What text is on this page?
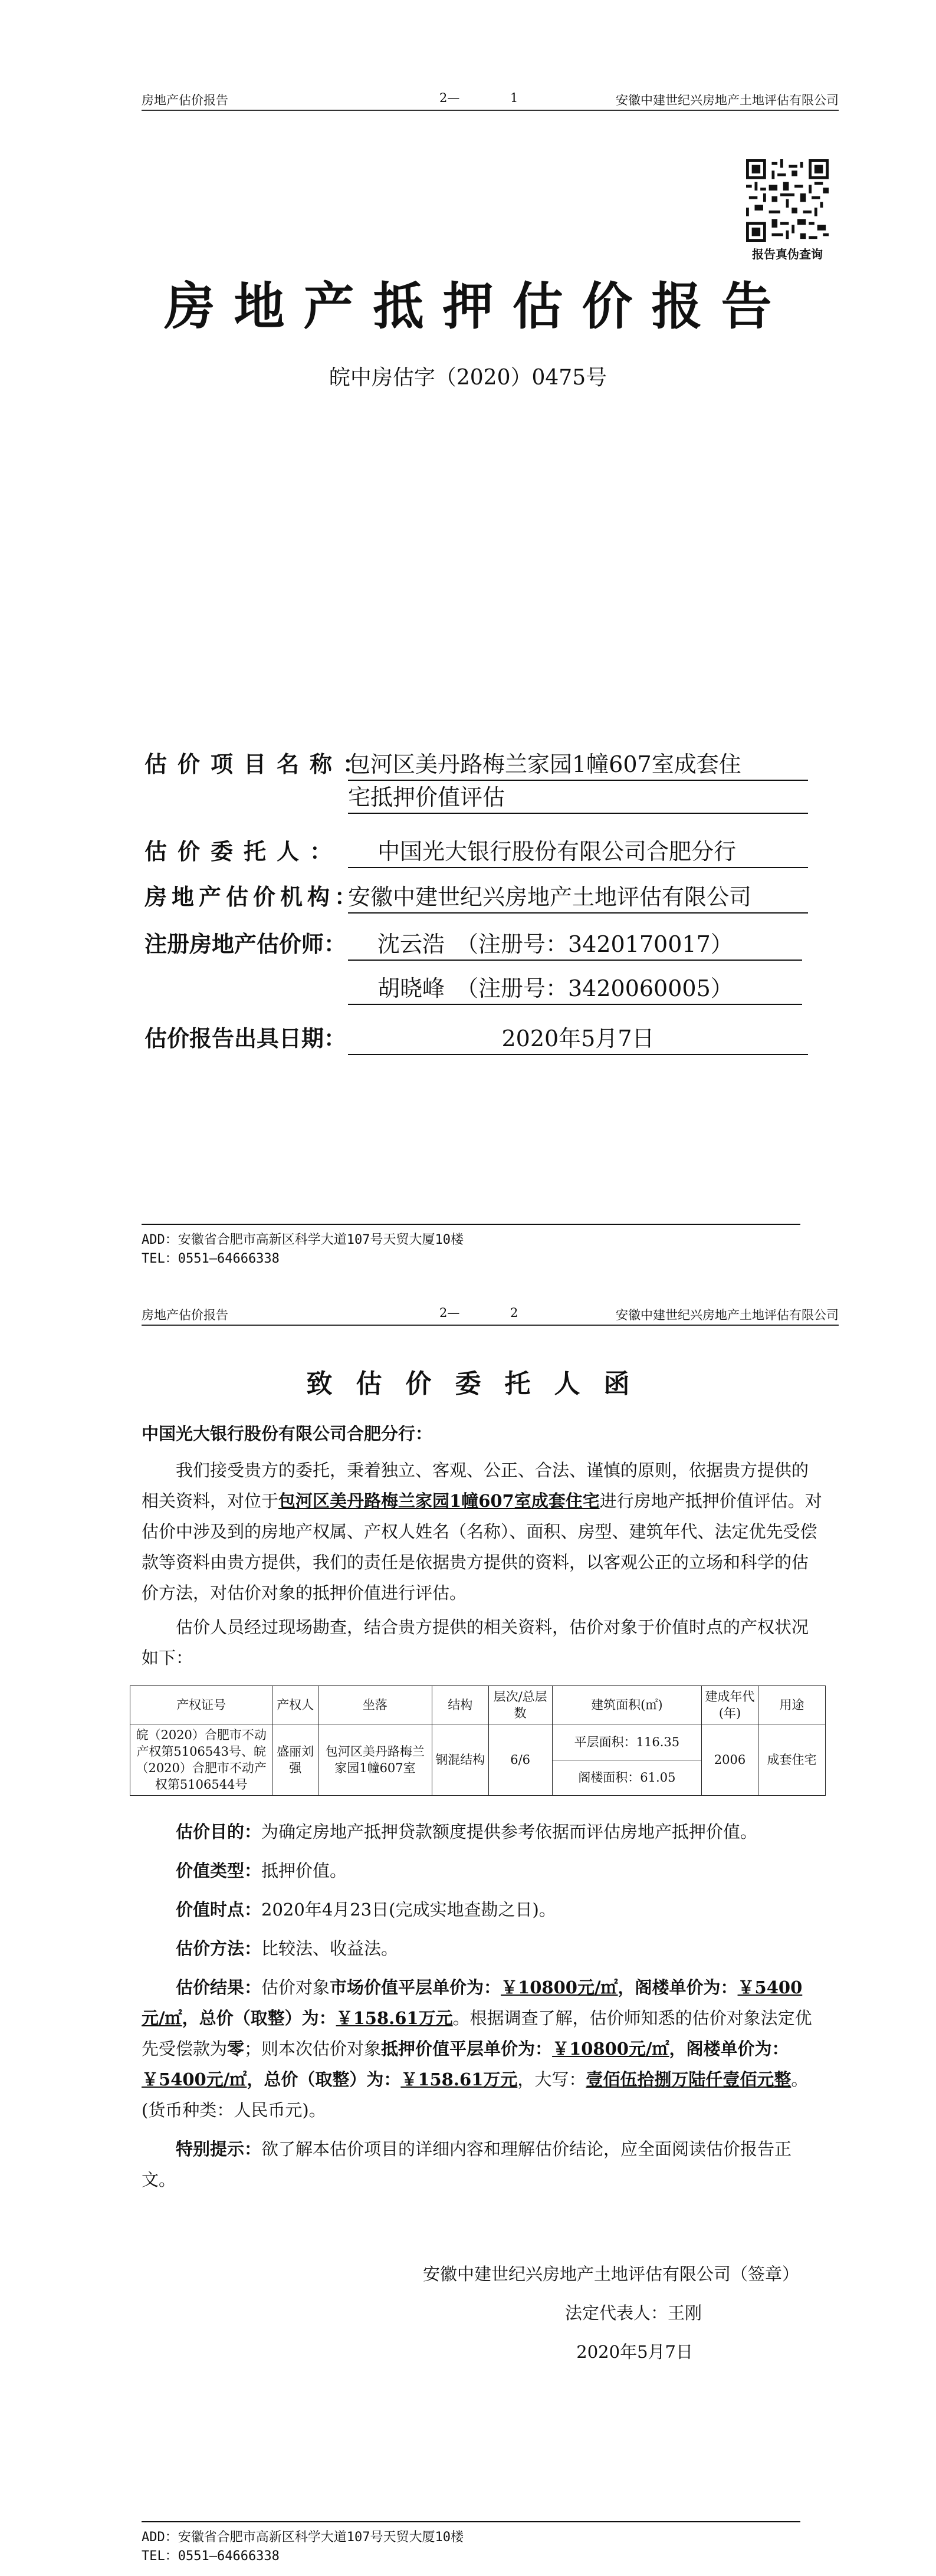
房地产估价报告	2—	1	安徽中建世纪兴房地产土地评估有限公司
报告真伪查询
房地产抵押估价报告
皖中房估字（2020）0475号
估价项目名称：
包河区美丹路梅兰家园1幢607室成套住
宅抵押价值评估
估价委托人：	中国光大银行股份有限公司合肥分行
房地产估价机构：
安徽中建世纪兴房地产土地评估有限公司
注册房地产估价师：	沈云浩　（注册号：3420170017）
胡晓峰　（注册号：3420060005）
估价报告出具日期：	2020年5月7日
ADD：安徽省合肥市高新区科学大道107号天贸大厦10楼
TEL：0551—64666338
房地产估价报告	2—	2	安徽中建世纪兴房地产土地评估有限公司
致估价委托人函

中国光大银行股份有限公司合肥分行：

我们接受贵方的委托，秉着独立、客观、公正、合法、谨慎的原则，依据贵方提供的相关资料，对位于包河区美丹路梅兰家园1幢607室成套住宅进行房地产抵押价值评估。对估价中涉及到的房地产权属、产权人姓名（名称）、面积、房型、建筑年代、法定优先受偿款等资料由贵方提供，我们的责任是依据贵方提供的资料，以客观公正的立场和科学的估价方法，对估价对象的抵押价值进行评估。

估价人员经过现场勘查，结合贵方提供的相关资料，估价对象于价值时点的产权状况如下：

产权证号	产权人	坐落	结构	层次/总层数	建筑面积(㎡)	建成年代(年)	用途
皖（2020）合肥市不动产权第5106543号、皖（2020）合肥市不动产权第5106544号	盛丽刘强	包河区美丹路梅兰家园1幢607室	钢混结构	6/6	平层面积：116.35	2006	成套住宅
					阁楼面积：61.05		

估价目的：为确定房地产抵押贷款额度提供参考依据而评估房地产抵押价值。

价值类型：抵押价值。

价值时点：2020年4月23日(完成实地查勘之日)。

估价方法：比较法、收益法。

估价结果：估价对象市场价值平层单价为：￥10800元/㎡，阁楼单价为：￥5400元/㎡，总价（取整）为：￥158.61万元。根据调查了解，估价师知悉的估价对象法定优先受偿款为零；则本次估价对象抵押价值平层单价为：￥10800元/㎡，阁楼单价为：￥5400元/㎡，总价（取整）为：￥158.61万元，大写：壹佰伍拾捌万陆仟壹佰元整。(货币种类：人民币元)。

特别提示：欲了解本估价项目的详细内容和理解估价结论，应全面阅读估价报告正文。

安徽中建世纪兴房地产土地评估有限公司（签章）

法定代表人：王刚

2020年5月7日

ADD：安徽省合肥市高新区科学大道107号天贸大厦10楼
TEL：0551—64666338
